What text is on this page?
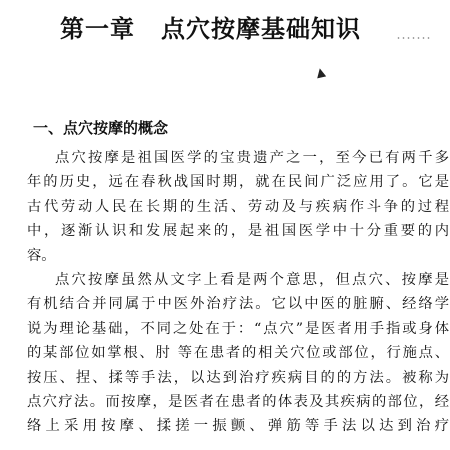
第一章 点穴按摩基础知识
▲
一、点穴按摩的概念
点穴按摩是祖国医学的宝贵遗产之一，至今已有两千多
年的历史，远在春秋战国时期，就在民间广泛应用了。它是
古代劳动人民在长期的生活、劳动及与疾病作斗争的过程
中，逐渐认识和发展起来的，是祖国医学中十分重要的内
容。
点穴按摩虽然从文字上看是两个意思，但点穴、按摩是
有机结合并同属于中医外治疗法。它以中医的脏腑、经络学
说为理论基础，不同之处在于：“点穴”是医者用手指或身体
的某部位如掌根、肘 等在患者的相关穴位或部位，行施点、
按压、捏、揉等手法，以达到治疗疾病目的的方法。被称为
点穴疗法。而按摩，是医者在患者的体表及其疾病的部位，经
络上采用按摩、揉搓一振颤、弹筋等手法以达到治疗
